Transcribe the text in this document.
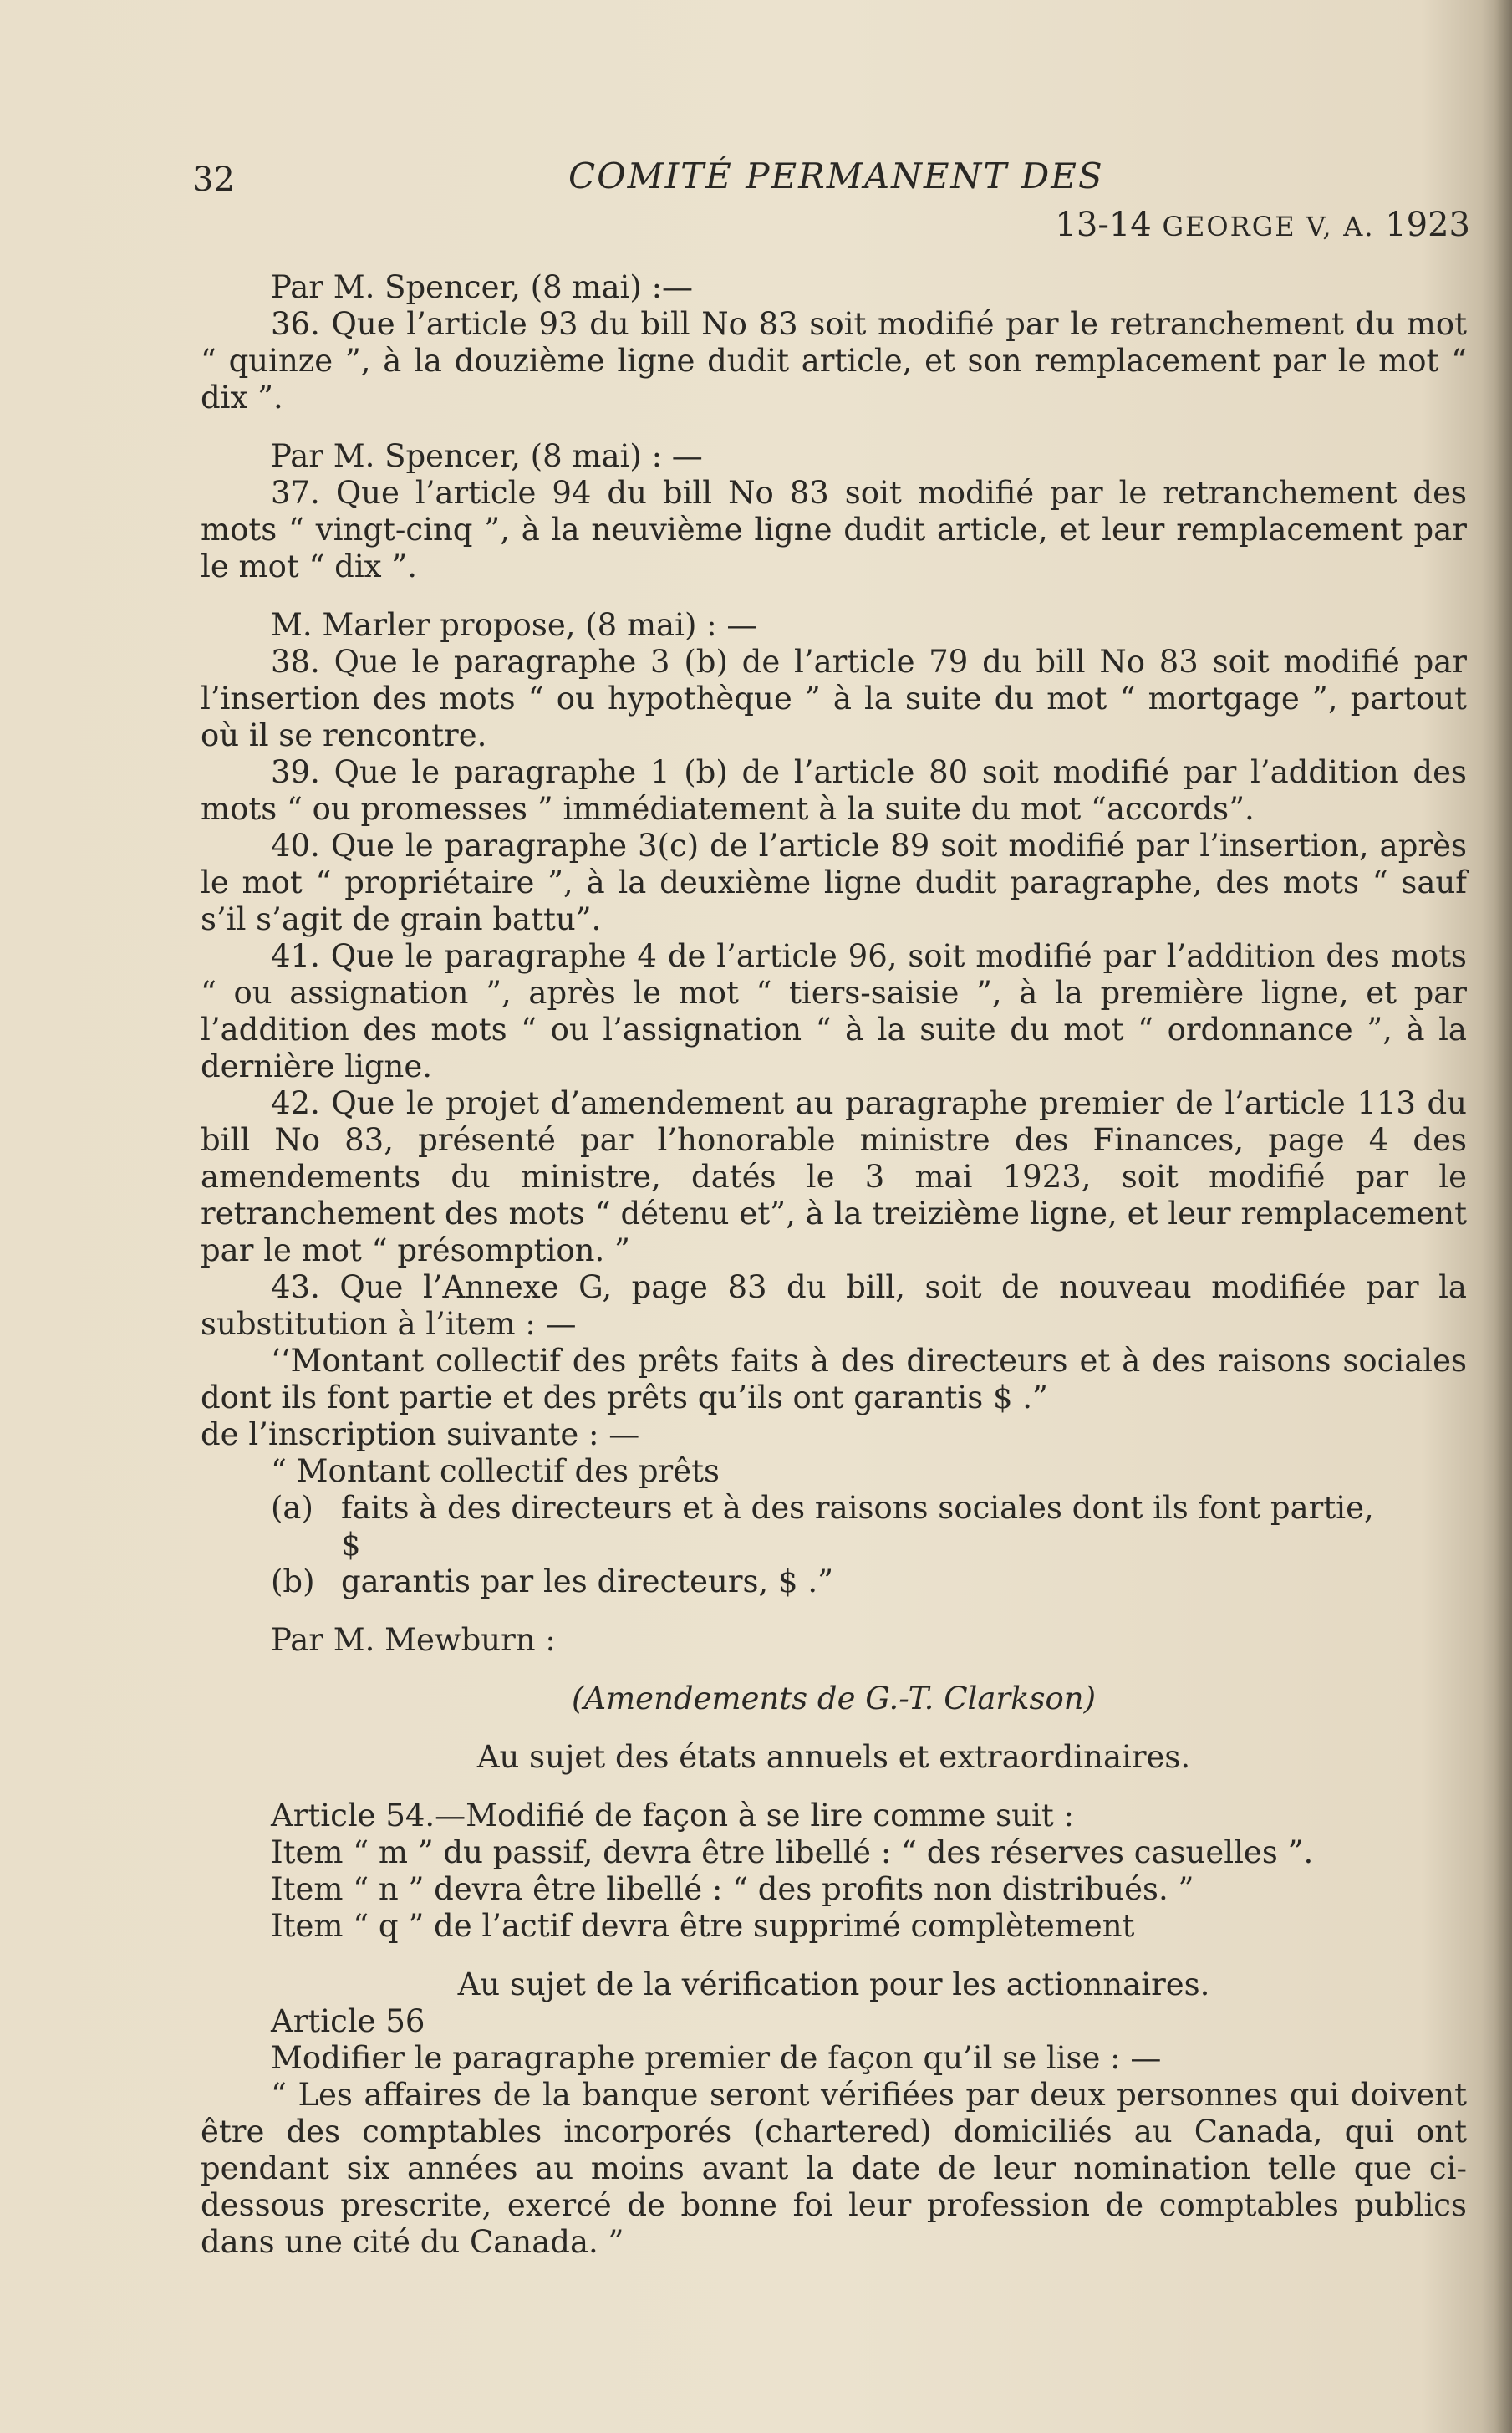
32	COMITÉ PERMANENT DES
13-14 GEORGE V, A. 1923

Par M. Spencer, (8 mai) :—

36. Que l’article 93 du bill No 83 soit modifié par le retranchement du mot “ quinze ”, à la douzième ligne dudit article, et son remplacement par le mot “ dix ”.

Par M. Spencer, (8 mai) : —

37. Que l’article 94 du bill No 83 soit modifié par le retranchement des mots “ vingt-cinq ”, à la neuvième ligne dudit article, et leur remplacement par le mot “ dix ”.

M. Marler propose, (8 mai) : —

38. Que le paragraphe 3 (b) de l’article 79 du bill No 83 soit modifié par l’insertion des mots “ ou hypothèque ” à la suite du mot “ mortgage ”, partout où il se rencontre.

39. Que le paragraphe 1 (b) de l’article 80 soit modifié par l’addition des mots “ ou promesses ” immédiatement à la suite du mot “accords”.

40. Que le paragraphe 3(c) de l’article 89 soit modifié par l’insertion, après le mot “ propriétaire ”, à la deuxième ligne dudit paragraphe, des mots “ sauf s’il s’agit de grain battu”.

41. Que le paragraphe 4 de l’article 96, soit modifié par l’addition des mots “ ou assignation ”, après le mot “ tiers-saisie ”, à la première ligne, et par l’addition des mots “ ou l’assignation “ à la suite du mot “ ordonnance ”, à la dernière ligne.

42. Que le projet d’amendement au paragraphe premier de l’article 113 du bill No 83, présenté par l’honorable ministre des Finances, page 4 des amendements du ministre, datés le 3 mai 1923, soit modifié par le retranchement des mots “ détenu et”, à la treizième ligne, et leur remplacement par le mot “ présomption. ”

43. Que l’Annexe G, page 83 du bill, soit de nouveau modifiée par la substitution à l’item : —

‘‘Montant collectif des prêts faits à des directeurs et à des raisons sociales dont ils font partie et des prêts qu’ils ont garantis $ .”

de l’inscription suivante : —

“ Montant collectif des prêts

(a) faits à des directeurs et à des raisons sociales dont ils font partie,

$

(b) garantis par les directeurs, $ .”

Par M. Mewburn :

(Amendements de G.-T. Clarkson)

Au sujet des états annuels et extraordinaires.

Article 54.—Modifié de façon à se lire comme suit :

Item “ m ” du passif, devra être libellé : “ des réserves casuelles ”.

Item “ n ” devra être libellé : “ des profits non distribués. ”

Item “ q ” de l’actif devra être supprimé complètement

Au sujet de la vérification pour les actionnaires.

Article 56

Modifier le paragraphe premier de façon qu’il se lise : —

“ Les affaires de la banque seront vérifiées par deux personnes qui doivent être des comptables incorporés (chartered) domiciliés au Canada, qui ont pendant six années au moins avant la date de leur nomination telle que ci-dessous prescrite, exercé de bonne foi leur profession de comptables publics dans une cité du Canada. ”
